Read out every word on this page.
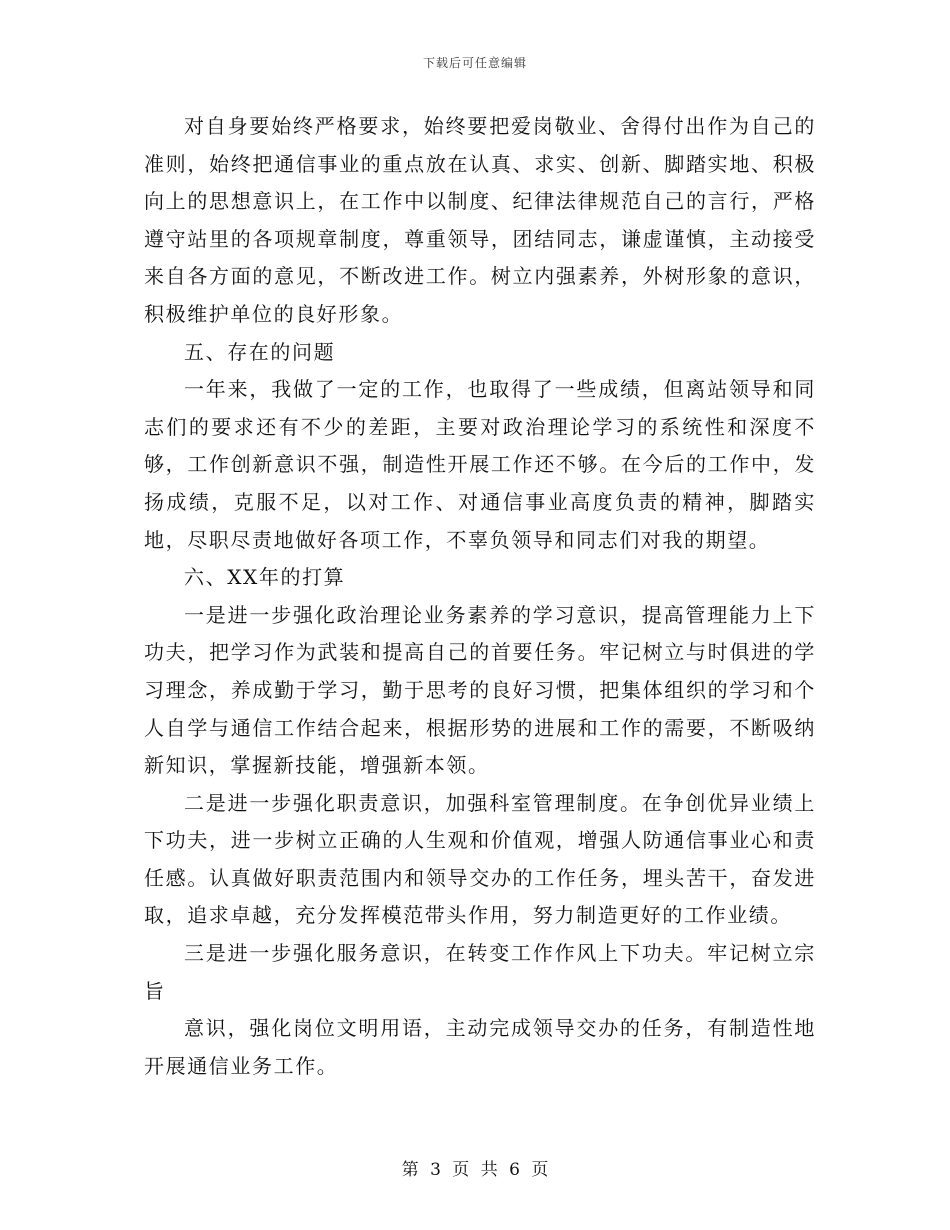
下载后可任意编辑

对自身要始终严格要求，始终要把爱岗敬业、舍得付出作为自己的准则，始终把通信事业的重点放在认真、求实、创新、脚踏实地、积极向上的思想意识上，在工作中以制度、纪律法律规范自己的言行，严格遵守站里的各项规章制度，尊重领导，团结同志，谦虚谨慎，主动接受来自各方面的意见，不断改进工作。树立内强素养，外树形象的意识，积极维护单位的良好形象。

五、存在的问题

一年来，我做了一定的工作，也取得了一些成绩，但离站领导和同志们的要求还有不少的差距，主要对政治理论学习的系统性和深度不够，工作创新意识不强，制造性开展工作还不够。在今后的工作中，发扬成绩，克服不足，以对工作、对通信事业高度负责的精神，脚踏实地，尽职尽责地做好各项工作，不辜负领导和同志们对我的期望。

六、XX年的打算

一是进一步强化政治理论业务素养的学习意识，提高管理能力上下功夫，把学习作为武装和提高自己的首要任务。牢记树立与时俱进的学习理念，养成勤于学习，勤于思考的良好习惯，把集体组织的学习和个人自学与通信工作结合起来，根据形势的进展和工作的需要，不断吸纳新知识，掌握新技能，增强新本领。

二是进一步强化职责意识，加强科室管理制度。在争创优异业绩上下功夫，进一步树立正确的人生观和价值观，增强人防通信事业心和责任感。认真做好职责范围内和领导交办的工作任务，埋头苦干，奋发进取，追求卓越，充分发挥模范带头作用，努力制造更好的工作业绩。

三是进一步强化服务意识，在转变工作作风上下功夫。牢记树立宗旨

意识，强化岗位文明用语，主动完成领导交办的任务，有制造性地开展通信业务工作。

第 3 页 共 6 页
